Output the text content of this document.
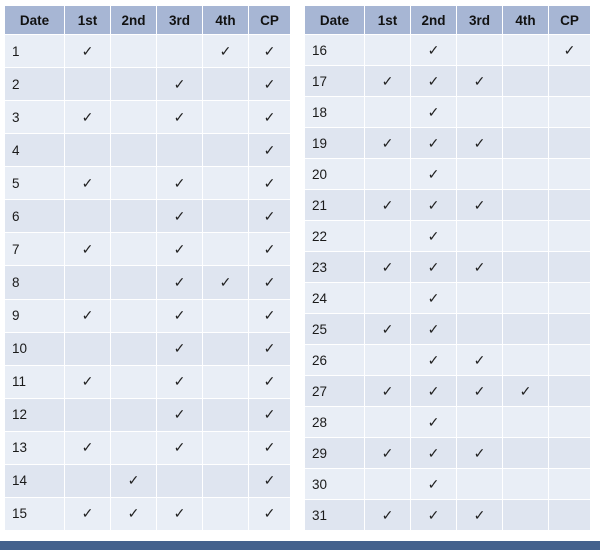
Date	1st	2nd	3rd	4th	CP
1	✓			✓	✓
2			✓		✓
3	✓		✓		✓
4					✓
5	✓		✓		✓
6			✓		✓
7	✓		✓		✓
8			✓	✓	✓
9	✓		✓		✓
10			✓		✓
11	✓		✓		✓
12			✓		✓
13	✓		✓		✓
14		✓			✓
15	✓	✓	✓		✓
Date	1st	2nd	3rd	4th	CP
16		✓			✓
17	✓	✓	✓		
18		✓			
19	✓	✓	✓		
20		✓			
21	✓	✓	✓		
22		✓			
23	✓	✓	✓		
24		✓			
25	✓	✓			
26		✓	✓		
27	✓	✓	✓	✓	
28		✓			
29	✓	✓	✓		
30		✓			
31	✓	✓	✓		
